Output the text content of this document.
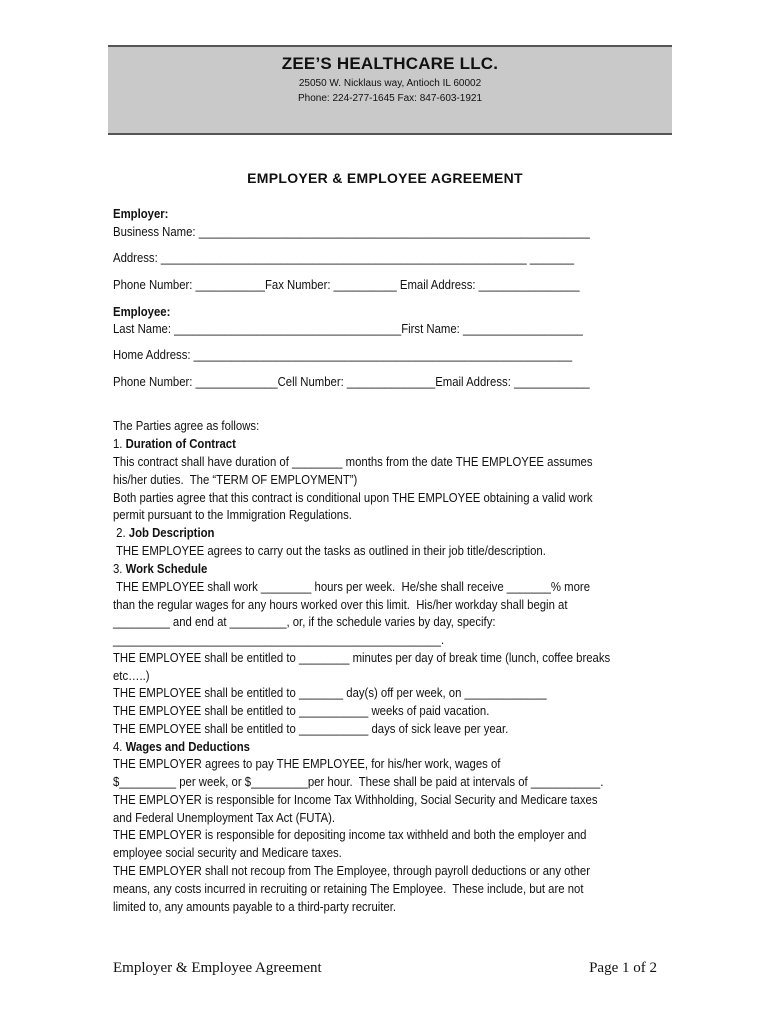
ZEE’S HEALTHCARE LLC.
25050 W. Nicklaus way, Antioch IL 60002
Phone: 224-277-1645 Fax: 847-603-1921
EMPLOYER & EMPLOYEE AGREEMENT
Employer:
Business Name: ______________________________________________________________
Address: __________________________________________________________ _______
Phone Number: ___________Fax Number: __________ Email Address: ________________
Employee:
Last Name: ____________________________________First Name: ___________________
Home Address: ____________________________________________________________
Phone Number: _____________Cell Number: ______________Email Address: ____________
The Parties agree as follows:
1. Duration of Contract
This contract shall have duration of ________ months from the date THE EMPLOYEE assumes
his/her duties.  The “TERM OF EMPLOYMENT”)
Both parties agree that this contract is conditional upon THE EMPLOYEE obtaining a valid work
permit pursuant to the Immigration Regulations.
2. Job Description
THE EMPLOYEE agrees to carry out the tasks as outlined in their job title/description.
3. Work Schedule
THE EMPLOYEE shall work ________ hours per week.  He/she shall receive _______% more
than the regular wages for any hours worked over this limit.  His/her workday shall begin at
_________ and end at _________, or, if the schedule varies by day, specify:
____________________________________________________.
THE EMPLOYEE shall be entitled to ________ minutes per day of break time (lunch, coffee breaks
etc…..)
THE EMPLOYEE shall be entitled to _______ day(s) off per week, on _____________
THE EMPLOYEE shall be entitled to ___________ weeks of paid vacation.
THE EMPLOYEE shall be entitled to ___________ days of sick leave per year.
4. Wages and Deductions
THE EMPLOYER agrees to pay THE EMPLOYEE, for his/her work, wages of
$_________ per week, or $_________per hour.  These shall be paid at intervals of ___________.
THE EMPLOYER is responsible for Income Tax Withholding, Social Security and Medicare taxes
and Federal Unemployment Tax Act (FUTA).
THE EMPLOYER is responsible for depositing income tax withheld and both the employer and
employee social security and Medicare taxes.
THE EMPLOYER shall not recoup from The Employee, through payroll deductions or any other
means, any costs incurred in recruiting or retaining The Employee.  These include, but are not
limited to, any amounts payable to a third-party recruiter.
Employer & Employee Agreement	Page 1 of 2
